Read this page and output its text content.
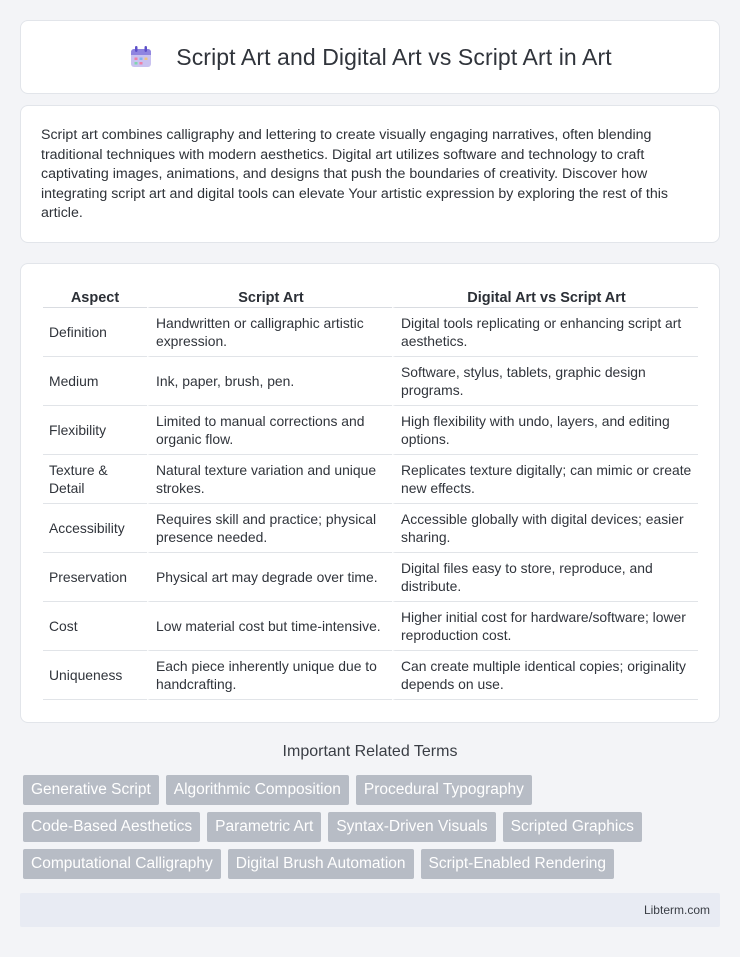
Script Art and Digital Art vs Script Art in Art

Script art combines calligraphy and lettering to create visually engaging narratives, often blending traditional techniques with modern aesthetics. Digital art utilizes software and technology to craft captivating images, animations, and designs that push the boundaries of creativity. Discover how integrating script art and digital tools can elevate Your artistic expression by exploring the rest of this article.

Aspect	Script Art	Digital Art vs Script Art
Definition	Handwritten or calligraphic artistic expression.	Digital tools replicating or enhancing script art aesthetics.
Medium	Ink, paper, brush, pen.	Software, stylus, tablets, graphic design programs.
Flexibility	Limited to manual corrections and organic flow.	High flexibility with undo, layers, and editing options.
Texture & Detail	Natural texture variation and unique strokes.	Replicates texture digitally; can mimic or create new effects.
Accessibility	Requires skill and practice; physical presence needed.	Accessible globally with digital devices; easier sharing.
Preservation	Physical art may degrade over time.	Digital files easy to store, reproduce, and distribute.
Cost	Low material cost but time-intensive.	Higher initial cost for hardware/software; lower reproduction cost.
Uniqueness	Each piece inherently unique due to handcrafting.	Can create multiple identical copies; originality depends on use.
Important Related Terms
Generative Script	Algorithmic Composition	Procedural Typography
Code-Based Aesthetics	Parametric Art	Syntax-Driven Visuals	Scripted Graphics
Computational Calligraphy	Digital Brush Automation	Script-Enabled Rendering
Libterm.com
